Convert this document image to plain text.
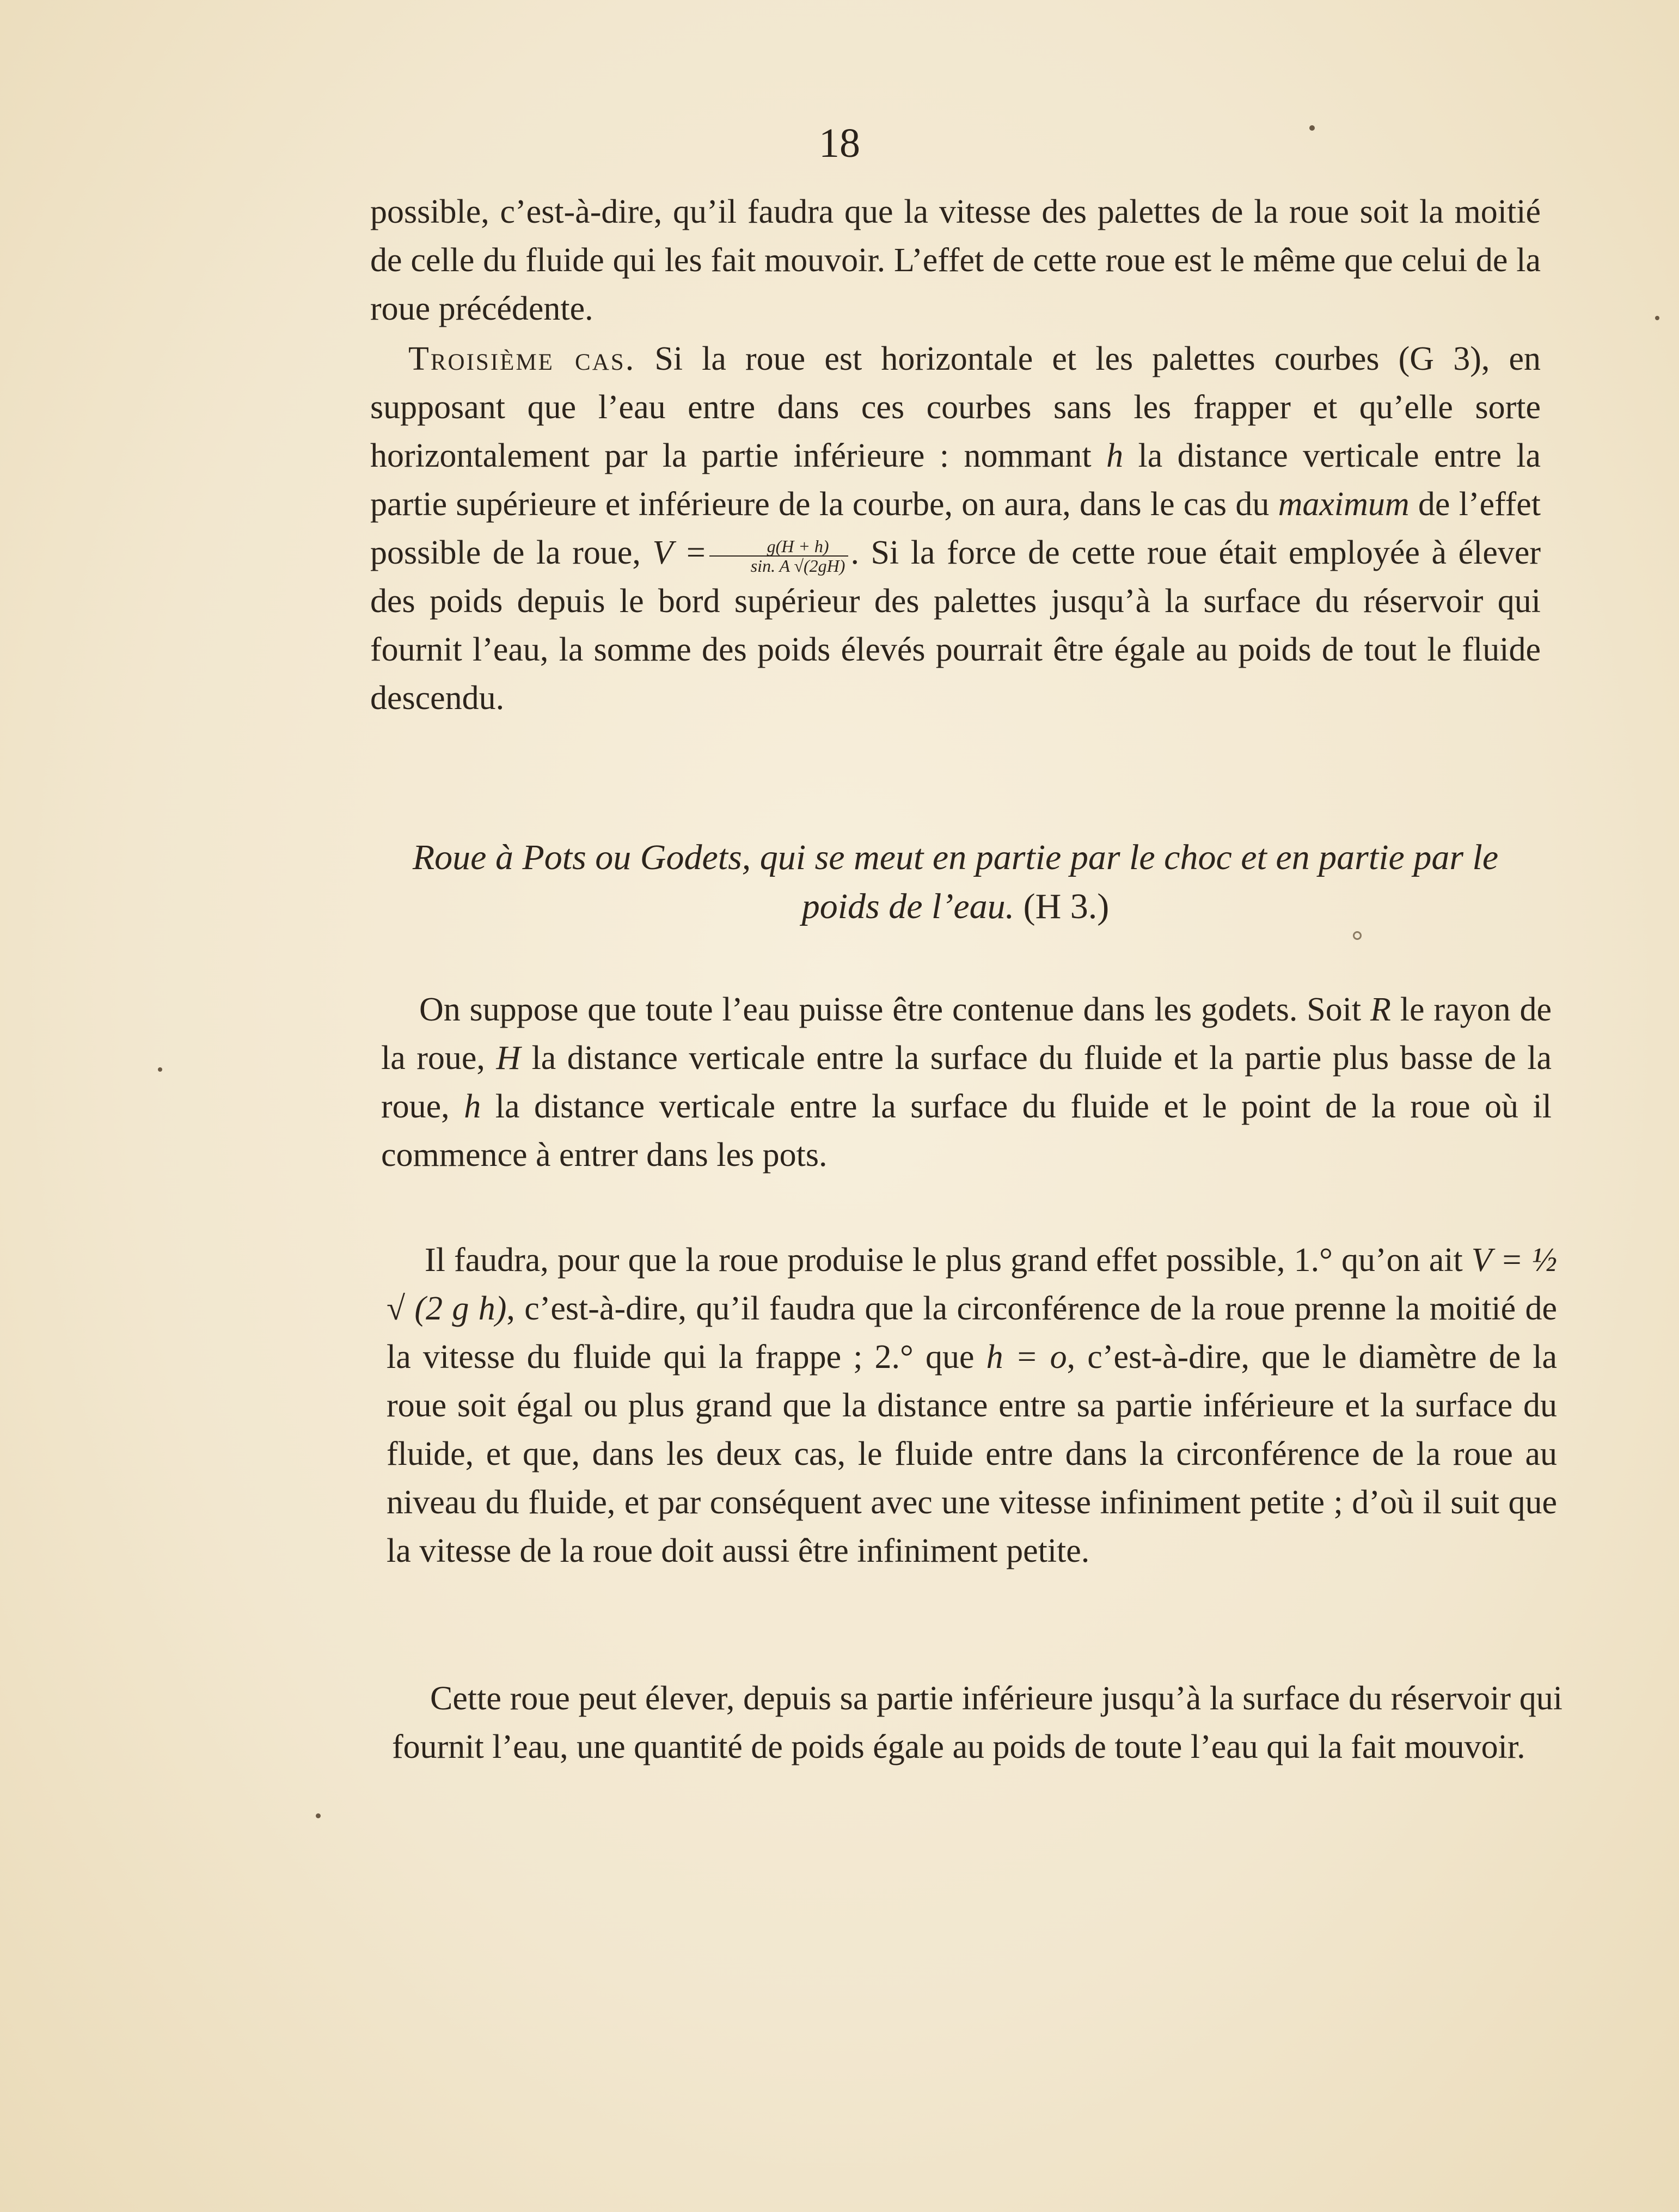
18

possible, c’est-à-dire, qu’il faudra que la vitesse des palettes de la roue soit la moitié de celle du fluide qui les fait mouvoir. L’effet de cette roue est le même que celui de la roue précédente.

Troisième cas. Si la roue est horizontale et les palettes courbes (G 3), en supposant que l’eau entre dans ces courbes sans les frapper et qu’elle sorte horizontalement par la partie inférieure : nommant h la distance verticale entre la partie supérieure et inférieure de la courbe, on aura, dans le cas du maximum de l’effet possible de la roue, $V = \frac{g(H + h)}{\sin. A √(2gH)}$ . Si la force de cette roue était employée à élever des poids depuis le bord supérieur des palettes jusqu’à la surface du réservoir qui fournit l’eau, la somme des poids élevés pourrait être égale au poids de tout le fluide descendu.

Roue à Pots ou Godets, qui se meut en partie par le choc et en partie par le poids de l’eau. (H 3.)

On suppose que toute l’eau puisse être contenue dans les godets. Soit R le rayon de la roue, H la distance verticale entre la surface du fluide et la partie plus basse de la roue, h la distance verticale entre la surface du fluide et le point de la roue où il commence à entrer dans les pots.

Il faudra, pour que la roue produise le plus grand effet possible, 1.° qu’on ait V = ½ √ (2 g h), c’est-à-dire, qu’il faudra que la circonférence de la roue prenne la moitié de la vitesse du fluide qui la frappe ; 2.° que h = o, c’est-à-dire, que le diamètre de la roue soit égal ou plus grand que la distance entre sa partie inférieure et la surface du fluide, et que, dans les deux cas, le fluide entre dans la circonférence de la roue au niveau du fluide, et par conséquent avec une vitesse infiniment petite ; d’où il suit que la vitesse de la roue doit aussi être infiniment petite.

Cette roue peut élever, depuis sa partie inférieure jusqu’à la surface du réservoir qui fournit l’eau, une quantité de poids égale au poids de toute l’eau qui la fait mouvoir.
